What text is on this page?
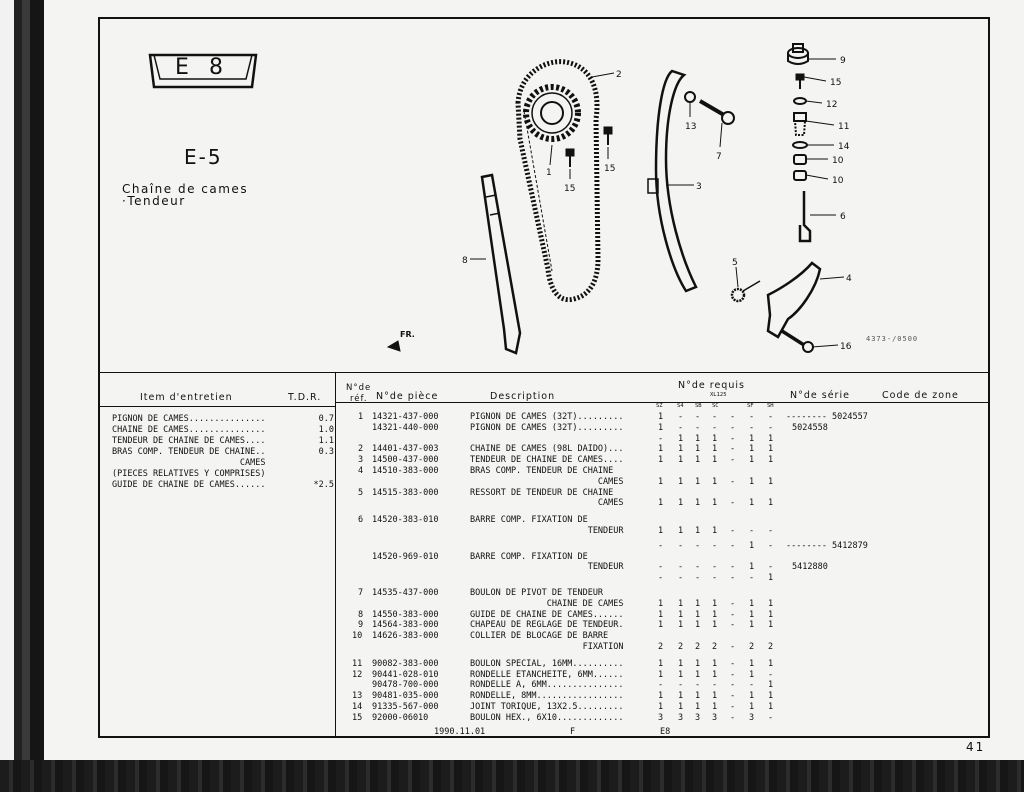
E8
E-5
Chaîne de cames
·Tendeur
4373-/0500
9
15
12
11
14
10
10
6
2
13
7
1
15
15
3
8	5
4
16
FR.
Item d'entretien	T.D.R.
N°de
réf. N°de pièce	Description
N°de requis
XL125	N°de série	Code de zone
SZ	S4 SB SC	SF SH
PIGNON DE CAMES...............	0.7
CHAINE DE CAMES...............	1.0
TENDEUR DE CHAINE DE CAMES....	1.1
BRAS COMP. TENDEUR DE CHAINE..	0.3
CAMES
(PIECES RELATIVES Y COMPRISES)
GUIDE DE CHAINE DE CAMES......	*2.5
1 14321-437-000	PIGNON DE CAMES (32T).........	1 - - - - - - -------- 5024557
14321-440-000	PIGNON DE CAMES (32T).........	1 - - - - - - 5024558
- 1 1 1 - 1 1
2 14401-437-003	CHAINE DE CAMES (98L DAIDO)...	1 1 1 1 - 1 1
3 14500-437-000	TENDEUR DE CHAINE DE CAMES....	1 1 1 1 - 1 1
4 14510-383-000	BRAS COMP. TENDEUR DE CHAINE
CAMES	1 1 1 1 - 1 1
5 14515-383-000	RESSORT DE TENDEUR DE CHAINE
CAMES	1 1 1 1 - 1 1
6 14520-383-010	BARRE COMP. FIXATION DE
TENDEUR	1 1 1 1 - - -
- - - - - 1 - -------- 5412879
14520-969-010	BARRE COMP. FIXATION DE
TENDEUR	- - - - - 1 - 5412880
- - - - - - 1
7 14535-437-000	BOULON DE PIVOT DE TENDEUR
CHAINE DE CAMES	1 1 1 1 - 1 1
8 14550-383-000	GUIDE DE CHAINE DE CAMES......	1 1 1 1 - 1 1
9 14564-383-000	CHAPEAU DE REGLAGE DE TENDEUR.	1 1 1 1 - 1 1
10 14626-383-000	COLLIER DE BLOCAGE DE BARRE
FIXATION	2 2 2 2 - 2 2
11 90082-383-000	BOULON SPECIAL, 16MM..........	1 1 1 1 - 1 1
12 90441-028-010	RONDELLE ETANCHEITE, 6MM......	1 1 1 1 - 1 -
90478-700-000	RONDELLE A, 6MM...............	- - - - - - 1
13 90481-035-000	RONDELLE, 8MM.................	1 1 1 1 - 1 1
14 91335-567-000	JOINT TORIQUE, 13X2.5.........	1 1 1 1 - 1 1
15 92000-06010	BOULON HEX., 6X10.............	3 3 3 3 - 3 -
1990.11.01	F	E8
41
